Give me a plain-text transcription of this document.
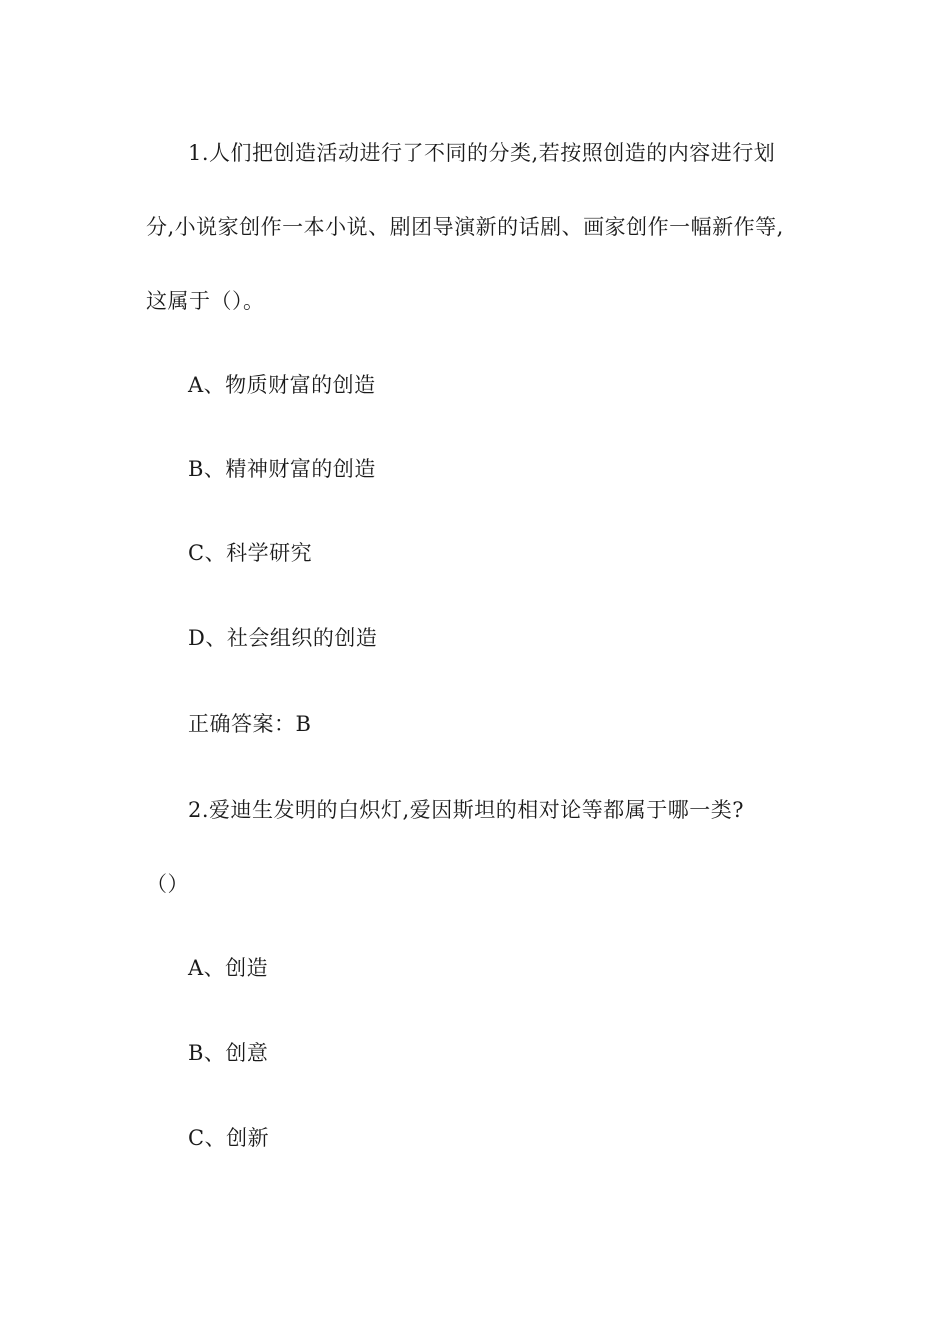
1.人们把创造活动进行了不同的分类,若按照创造的内容进行划
分,小说家创作一本小说、剧团导演新的话剧、画家创作一幅新作等,
这属于（）。
A、物质财富的创造
B、精神财富的创造
C、科学研究
D、社会组织的创造
正确答案：B
2.爱迪生发明的白炽灯,爱因斯坦的相对论等都属于哪一类?
（）
A、创造
B、创意
C、创新
